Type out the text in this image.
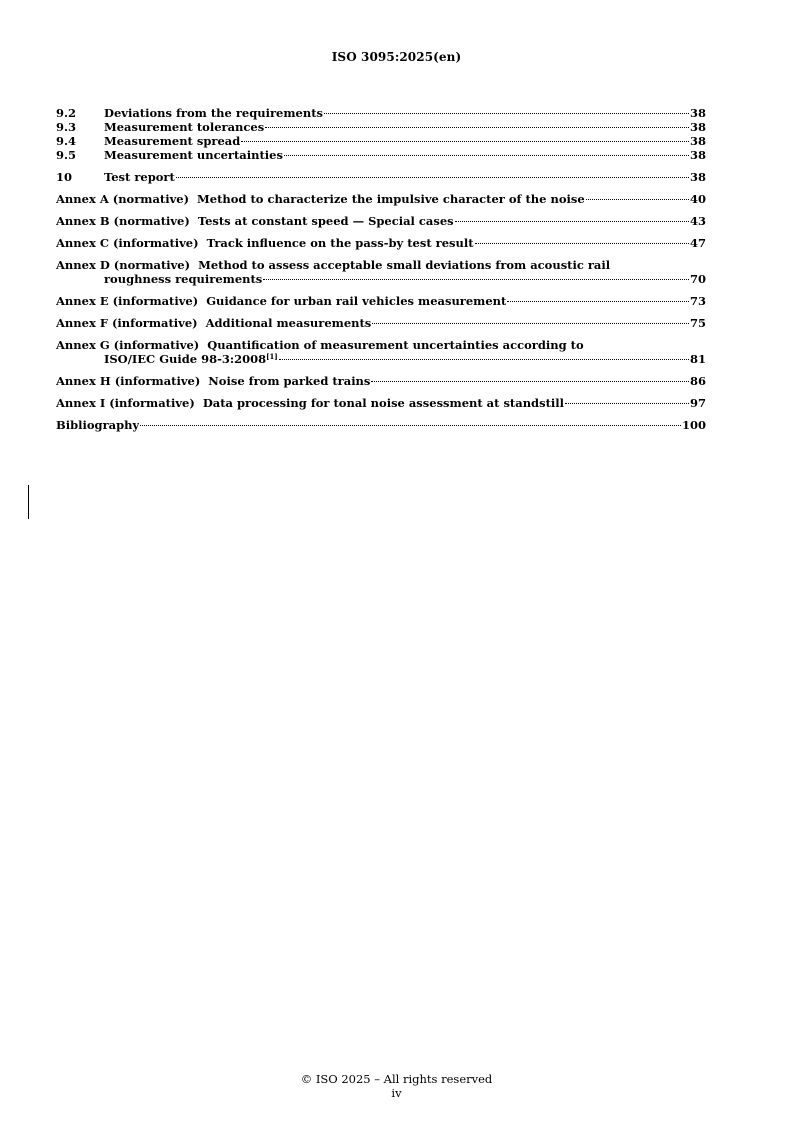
ISO 3095:2025(en)
9.2	Deviations from the requirements	38
9.3	Measurement tolerances	38
9.4	Measurement spread	38
9.5	Measurement uncertainties	38
10	Test report	38
Annex A (normative) Method to characterize the impulsive character of the noise	40
Annex B (normative) Tests at constant speed — Special cases	43
Annex C (informative) Track influence on the pass-by test result	47
Annex D (normative) Method to assess acceptable small deviations from acoustic rail
roughness requirements	70
Annex E (informative) Guidance for urban rail vehicles measurement	73
Annex F (informative) Additional measurements	75
Annex G (informative) Quantification of measurement uncertainties according to
ISO/IEC Guide 98-3:2008[1]	81
Annex H (informative) Noise from parked trains	86
Annex I (informative) Data processing for tonal noise assessment at standstill	97
Bibliography	100
© ISO 2025 – All rights reserved
iv
